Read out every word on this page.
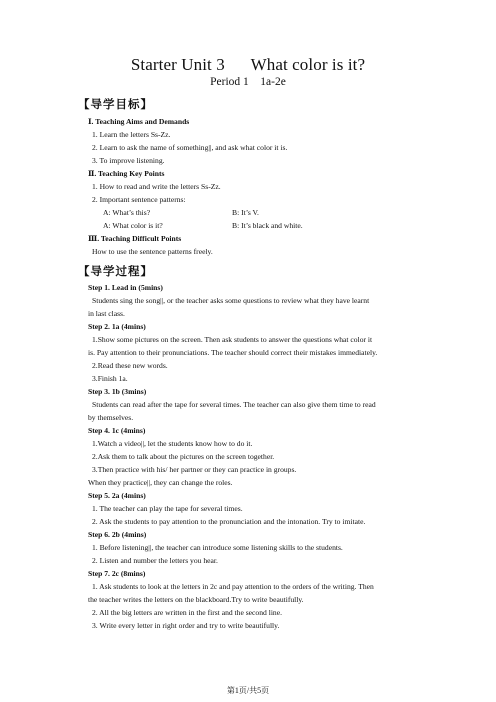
Starter Unit 3      What color is it?
Period 1    1a-2e
【导学目标】
Ⅰ. Teaching Aims and Demands
1. Learn the letters Ss-Zz.
2. Learn to ask the name of something||, and ask what color it is.
3. To improve listening.
Ⅱ. Teaching Key Points
1. How to read and write the letters Ss-Zz.
2. Important sentence patterns:
A: What’s this?	B: It’s V.
A: What color is it?	B: It’s black and white.
Ⅲ. Teaching Difficult Points
How to use the sentence patterns freely.
【导学过程】
Step 1. Lead in (5mins)
Students sing the song||, or the teacher asks some questions to review what they have learnt
in last class.
Step 2. 1a (4mins)
1.Show some pictures on the screen. Then ask students to answer the questions what color it
is. Pay attention to their pronunciations. The teacher should correct their mistakes immediately.
2.Read these new words.
3.Finish 1a.
Step 3. 1b (3mins)
Students can read after the tape for several times. The teacher can also give them time to read
by themselves.
Step 4. 1c (4mins)
1.Watch a video||, let the students know how to do it.
2.Ask them to talk about the pictures on the screen together.
3.Then practice with his/ her partner or they can practice in groups.
When they practice||, they can change the roles.
Step 5. 2a (4mins)
1. The teacher can play the tape for several times.
2. Ask the students to pay attention to the pronunciation and the intonation. Try to imitate.
Step 6. 2b (4mins)
1. Before listening||, the teacher can introduce some listening skills to the students.
2. Listen and number the letters you hear.
Step 7. 2c (8mins)
1. Ask students to look at the letters in 2c and pay attention to the orders of the writing. Then
the teacher writes the letters on the blackboard.Try to write beautifully.
2. All the big letters are written in the first and the second line.
3. Write every letter in right order and try to write beautifully.
第1页/共5页
